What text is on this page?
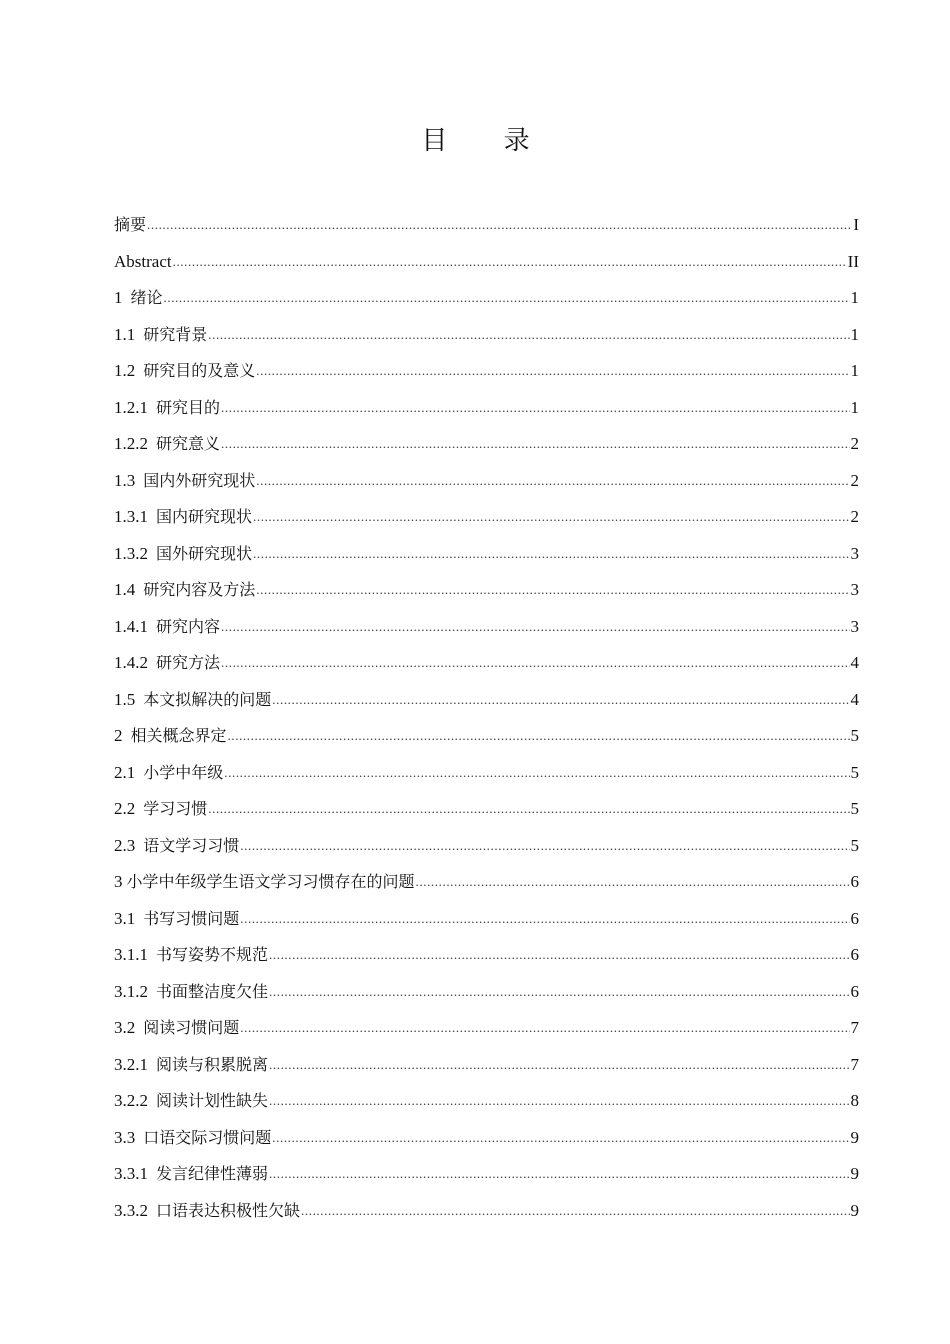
目 录
摘要 .....	I
Abstract .....	II
1 绪论 .....	1
1.1 研究背景 .....	1
1.2 研究目的及意义 .....	1
1.2.1 研究目的 .....	1
1.2.2 研究意义 .....	2
1.3 国内外研究现状 .....	2
1.3.1 国内研究现状 .....	2
1.3.2 国外研究现状 .....	3
1.4 研究内容及方法 .....	3
1.4.1 研究内容 .....	3
1.4.2 研究方法 .....	4
1.5 本文拟解决的问题 .....	4
2 相关概念界定 .....	5
2.1 小学中年级 .....	5
2.2 学习习惯 .....	5
2.3 语文学习习惯 .....	5
3 小学中年级学生语文学习习惯存在的问题 .....	6
3.1 书写习惯问题 .....	6
3.1.1 书写姿势不规范 .....	6
3.1.2 书面整洁度欠佳 .....	6
3.2 阅读习惯问题 .....	7
3.2.1 阅读与积累脱离 .....	7
3.2.2 阅读计划性缺失 .....	8
3.3 口语交际习惯问题 .....	9
3.3.1 发言纪律性薄弱 .....	9
3.3.2 口语表达积极性欠缺 .....	9
